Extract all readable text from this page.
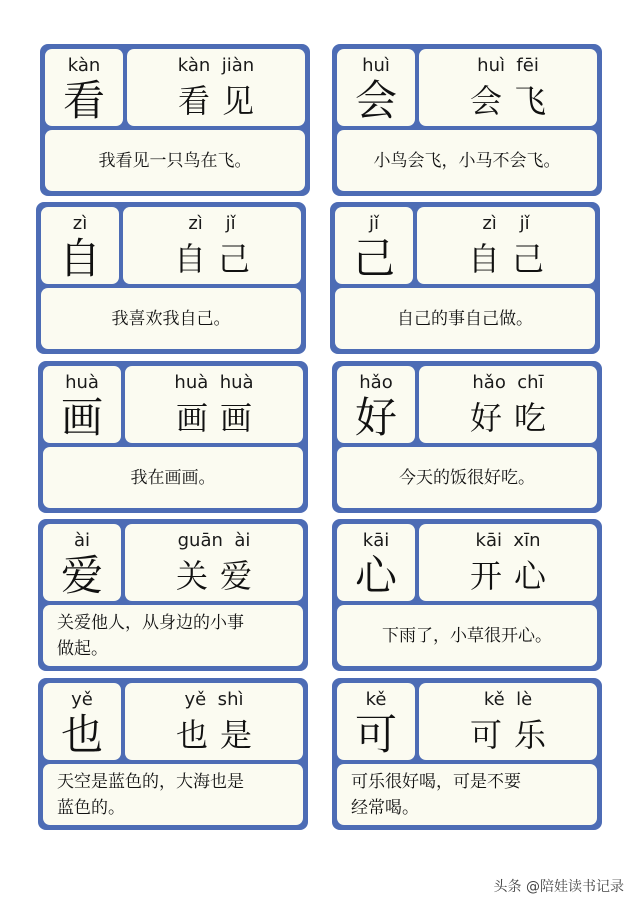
kàn
看
kàn  jiàn
看见
我看见一只鸟在飞。
huì
会
huì  fēi
会飞
小鸟会飞，小马不会飞。
zì
自
zì    jǐ
自己
我喜欢我自己。
jǐ
己
zì    jǐ
自己
自己的事自己做。
huà
画
huà  huà
画画
我在画画。
hǎo
好
hǎo  chī
好吃
今天的饭很好吃。
ài
爱
guān  ài
关爱
关爱他人，从身边的小事
做起。
kāi
心
kāi  xīn
开心
下雨了，小草很开心。
yě
也
yě  shì
也是
天空是蓝色的，大海也是
蓝色的。
kě
可
kě  lè
可乐
可乐很好喝，可是不要
经常喝。
头条 @陪娃读书记录
